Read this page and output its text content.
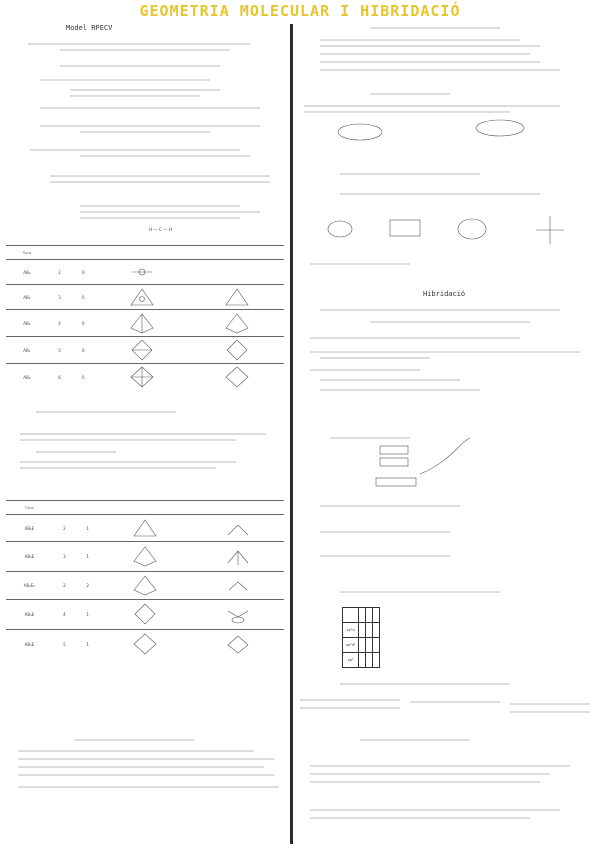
GEOMETRIA MOLECULAR I HIBRIDACIÓ
Model RPECV
H — C — H
Tipus				
AB₂	2	0		
AB₃	3	0		
AB₄	4	0		
AB₅	5	0		
AB₆	6	0		
Tipus				
AB₂E	2	1		
AB₃E	3	1		
AB₂E₂	2	2		
AB₄E	4	1		
AB₅E	5	1		
Hibridació

sp³d			
sp³d²			
sp³			
